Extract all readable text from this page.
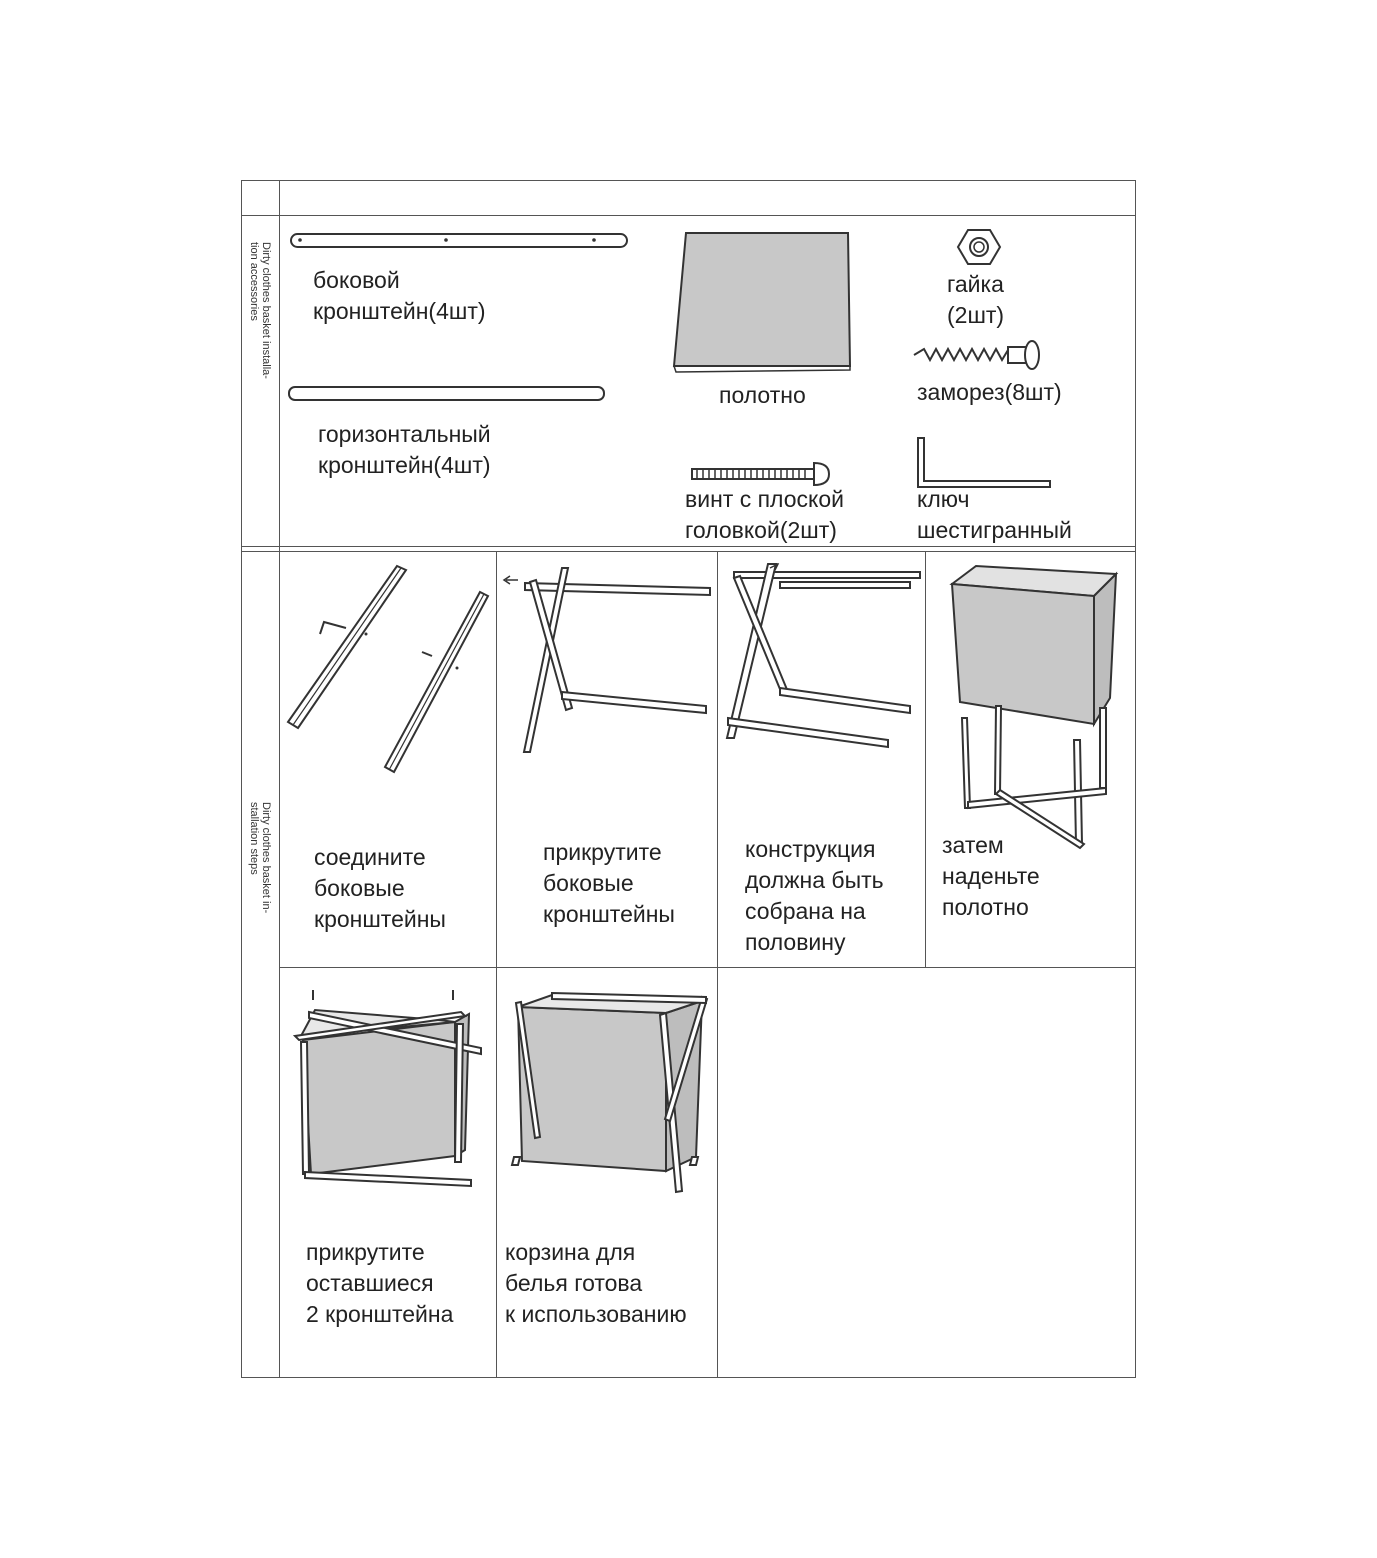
Dirty clothes basket installa-
tion accessories
Dirty clothes basket in-
stallation steps
боковой
кронштейн(4шт)
горизонтальный
кронштейн(4шт)
полотно
гайка
(2шт)
заморез(8шт)
винт с плоской
головкой(2шт)
ключ
шестигранный
соедините
боковые
кронштейны
прикрутите
боковые
кронштейны
конструкция
должна быть
собрана на
половину
затем
наденьте
полотно
прикрутите
оставшиеся
2 кронштейна
корзина для
белья готова
к использованию
